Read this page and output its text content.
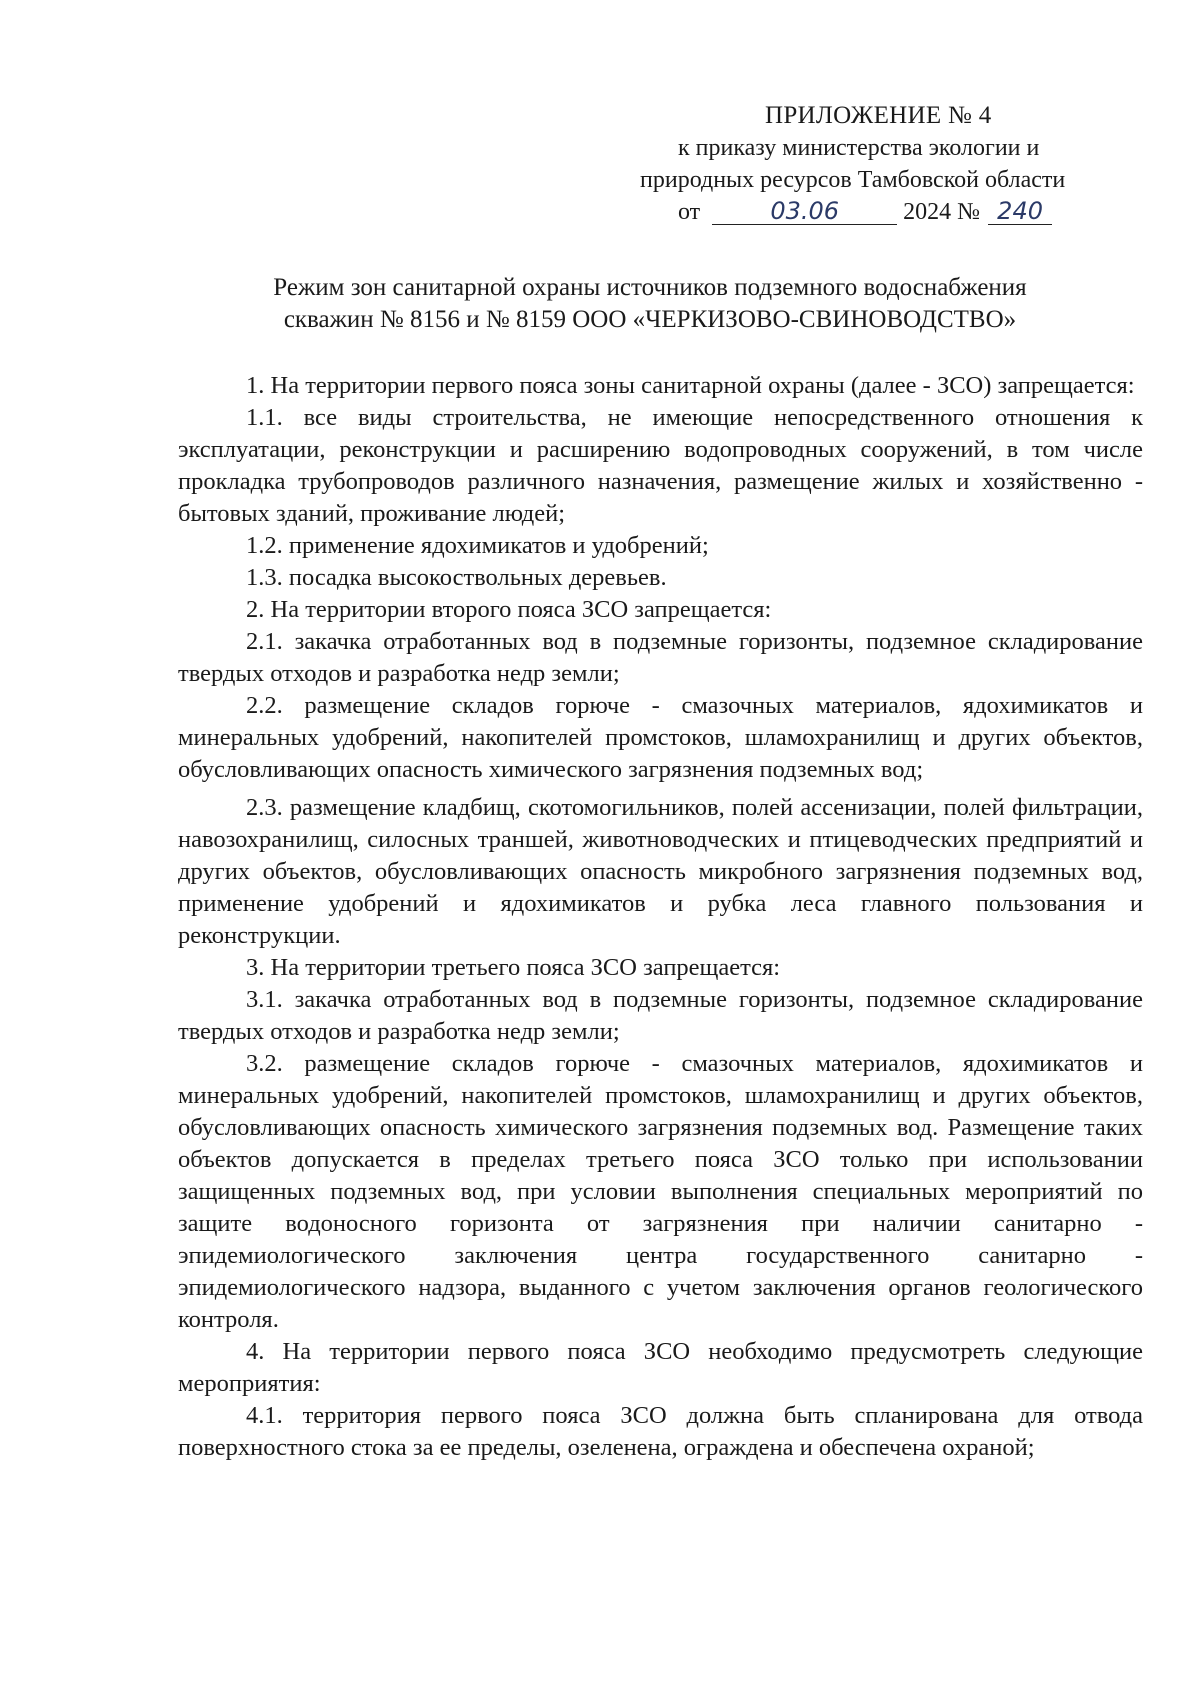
ПРИЛОЖЕНИЕ № 4
к приказу министерства экологии и
природных ресурсов Тамбовской области
от	03.06	2024 № 240
Режим зон санитарной охраны источников подземного водоснабжения
скважин № 8156 и № 8159 ООО «ЧЕРКИЗОВО-СВИНОВОДСТВО»

1. На территории первого пояса зоны санитарной охраны (далее - ЗСО) запрещается:

1.1. все виды строительства, не имеющие непосредственного отношения к эксплуатации, реконструкции и расширению водопроводных сооружений, в том числе прокладка трубопроводов различного назначения, размещение жилых и хозяйственно - бытовых зданий, проживание людей;

1.2. применение ядохимикатов и удобрений;

1.3. посадка высокоствольных деревьев.

2. На территории второго пояса ЗСО запрещается:

2.1. закачка отработанных вод в подземные горизонты, подземное складирование твердых отходов и разработка недр земли;

2.2. размещение складов горюче - смазочных материалов, ядохимикатов и минеральных удобрений, накопителей промстоков, шламохранилищ и других объектов, обусловливающих опасность химического загрязнения подземных вод;

2.3. размещение кладбищ, скотомогильников, полей ассенизации, полей фильтрации, навозохранилищ, силосных траншей, животноводческих и птицеводческих предприятий и других объектов, обусловливающих опасность микробного загрязнения подземных вод, применение удобрений и ядохимикатов и рубка леса главного пользования и реконструкции.

3. На территории третьего пояса ЗСО запрещается:

3.1. закачка отработанных вод в подземные горизонты, подземное складирование твердых отходов и разработка недр земли;

3.2. размещение складов горюче - смазочных материалов, ядохимикатов и минеральных удобрений, накопителей промстоков, шламохранилищ и других объектов, обусловливающих опасность химического загрязнения подземных вод. Размещение таких объектов допускается в пределах третьего пояса ЗСО только при использовании защищенных подземных вод, при условии выполнения специальных мероприятий по защите водоносного горизонта от загрязнения при наличии санитарно - эпидемиологического заключения центра государственного санитарно - эпидемиологического надзора, выданного с учетом заключения органов геологического контроля.

4. На территории первого пояса ЗСО необходимо предусмотреть следующие мероприятия:

4.1. территория первого пояса ЗСО должна быть спланирована для отвода поверхностного стока за ее пределы, озеленена, ограждена и обеспечена охраной;
